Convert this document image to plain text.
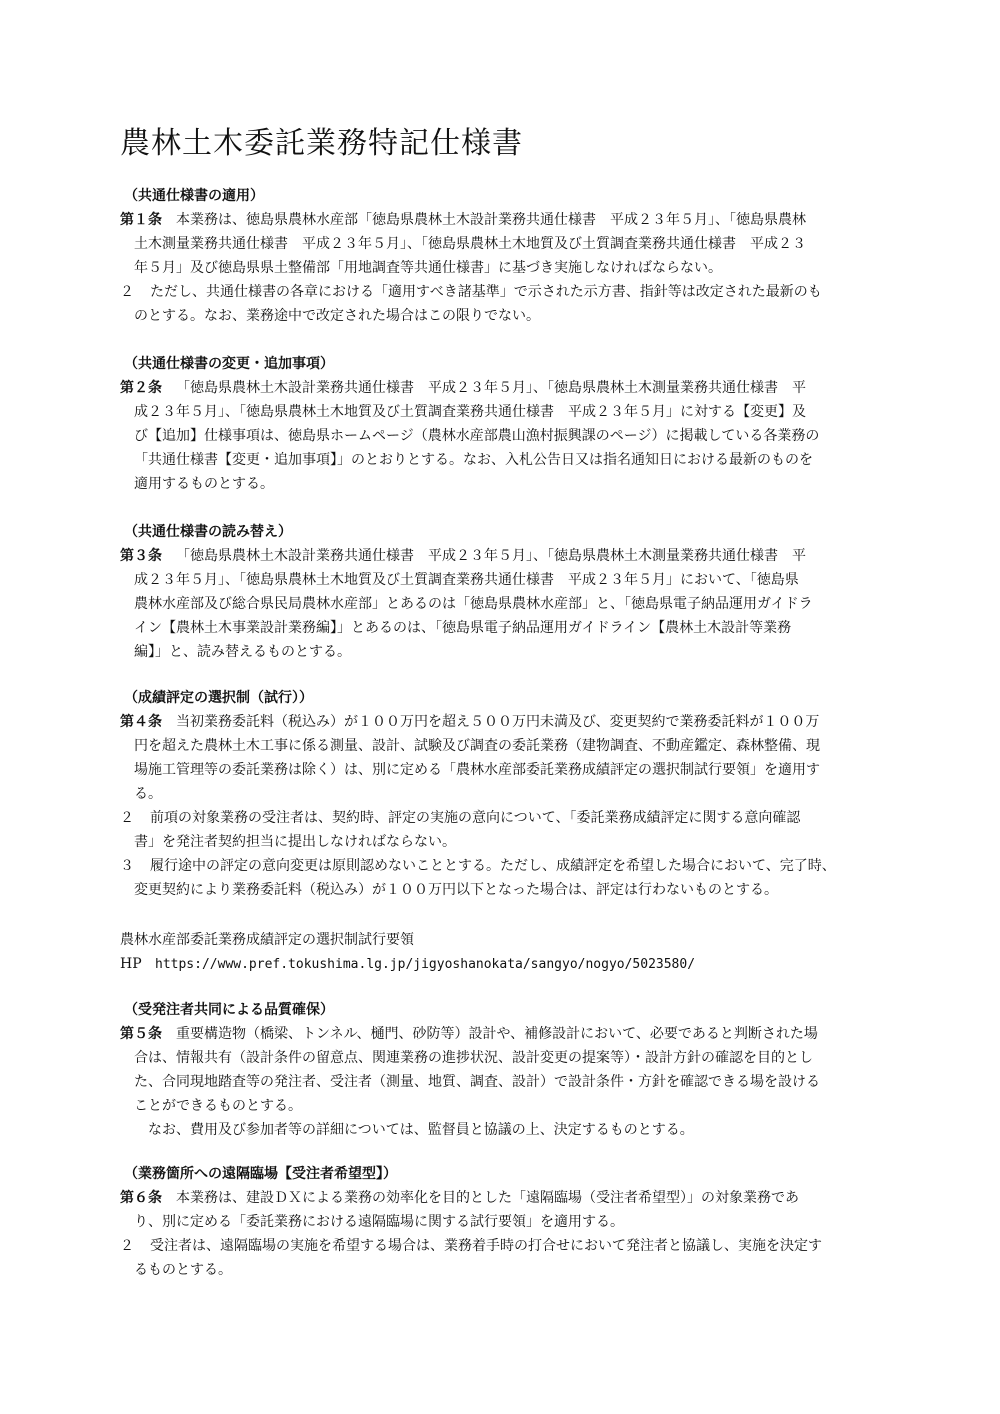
農林土木委託業務特記仕様書
（共通仕様書の適用）
第１条 本業務は、徳島県農林水産部「徳島県農林土木設計業務共通仕様書　平成２３年５月」、「徳島県農林
土木測量業務共通仕様書　平成２３年５月」、「徳島県農林土木地質及び土質調査業務共通仕様書　平成２３
年５月」及び徳島県県土整備部「用地調査等共通仕様書」に基づき実施しなければならない。
２ ただし、共通仕様書の各章における「適用すべき諸基準」で示された示方書、指針等は改定された最新のも
のとする。なお、業務途中で改定された場合はこの限りでない。
（共通仕様書の変更・追加事項）
第２条 「徳島県農林土木設計業務共通仕様書　平成２３年５月」、「徳島県農林土木測量業務共通仕様書　平
成２３年５月」、「徳島県農林土木地質及び土質調査業務共通仕様書　平成２３年５月」に対する【変更】及
び【追加】仕様事項は、徳島県ホームページ（農林水産部農山漁村振興課のページ）に掲載している各業務の
「共通仕様書【変更・追加事項】」のとおりとする。なお、入札公告日又は指名通知日における最新のものを
適用するものとする。
（共通仕様書の読み替え）
第３条 「徳島県農林土木設計業務共通仕様書　平成２３年５月」、「徳島県農林土木測量業務共通仕様書　平
成２３年５月」、「徳島県農林土木地質及び土質調査業務共通仕様書　平成２３年５月」において、「徳島県
農林水産部及び総合県民局農林水産部」とあるのは「徳島県農林水産部」と、「徳島県電子納品運用ガイドラ
イン【農林土木事業設計業務編】」とあるのは、「徳島県電子納品運用ガイドライン【農林土木設計等業務
編】」と、読み替えるものとする。
（成績評定の選択制（試行））
第４条 当初業務委託料（税込み）が１００万円を超え５００万円未満及び、変更契約で業務委託料が１００万
円を超えた農林土木工事に係る測量、設計、試験及び調査の委託業務（建物調査、不動産鑑定、森林整備、現
場施工管理等の委託業務は除く）は、別に定める「農林水産部委託業務成績評定の選択制試行要領」を適用す
る。
２ 前項の対象業務の受注者は、契約時、評定の実施の意向について、「委託業務成績評定に関する意向確認
書」を発注者契約担当に提出しなければならない。
３ 履行途中の評定の意向変更は原則認めないこととする。ただし、成績評定を希望した場合において、完了時、
変更契約により業務委託料（税込み）が１００万円以下となった場合は、評定は行わないものとする。
農林水産部委託業務成績評定の選択制試行要領
HP https://www.pref.tokushima.lg.jp/jigyoshanokata/sangyo/nogyo/5023580/
（受発注者共同による品質確保）
第５条 重要構造物（橋梁、トンネル、樋門、砂防等）設計や、補修設計において、必要であると判断された場
合は、情報共有（設計条件の留意点、関連業務の進捗状況、設計変更の提案等）・設計方針の確認を目的とし
た、合同現地踏査等の発注者、受注者（測量、地質、調査、設計）で設計条件・方針を確認できる場を設ける
ことができるものとする。
なお、費用及び参加者等の詳細については、監督員と協議の上、決定するものとする。
（業務箇所への遠隔臨場【受注者希望型】）
第６条 本業務は、建設ＤＸによる業務の効率化を目的とした「遠隔臨場（受注者希望型）」の対象業務であ
り、別に定める「委託業務における遠隔臨場に関する試行要領」を適用する。
２ 受注者は、遠隔臨場の実施を希望する場合は、業務着手時の打合せにおいて発注者と協議し、実施を決定す
るものとする。
